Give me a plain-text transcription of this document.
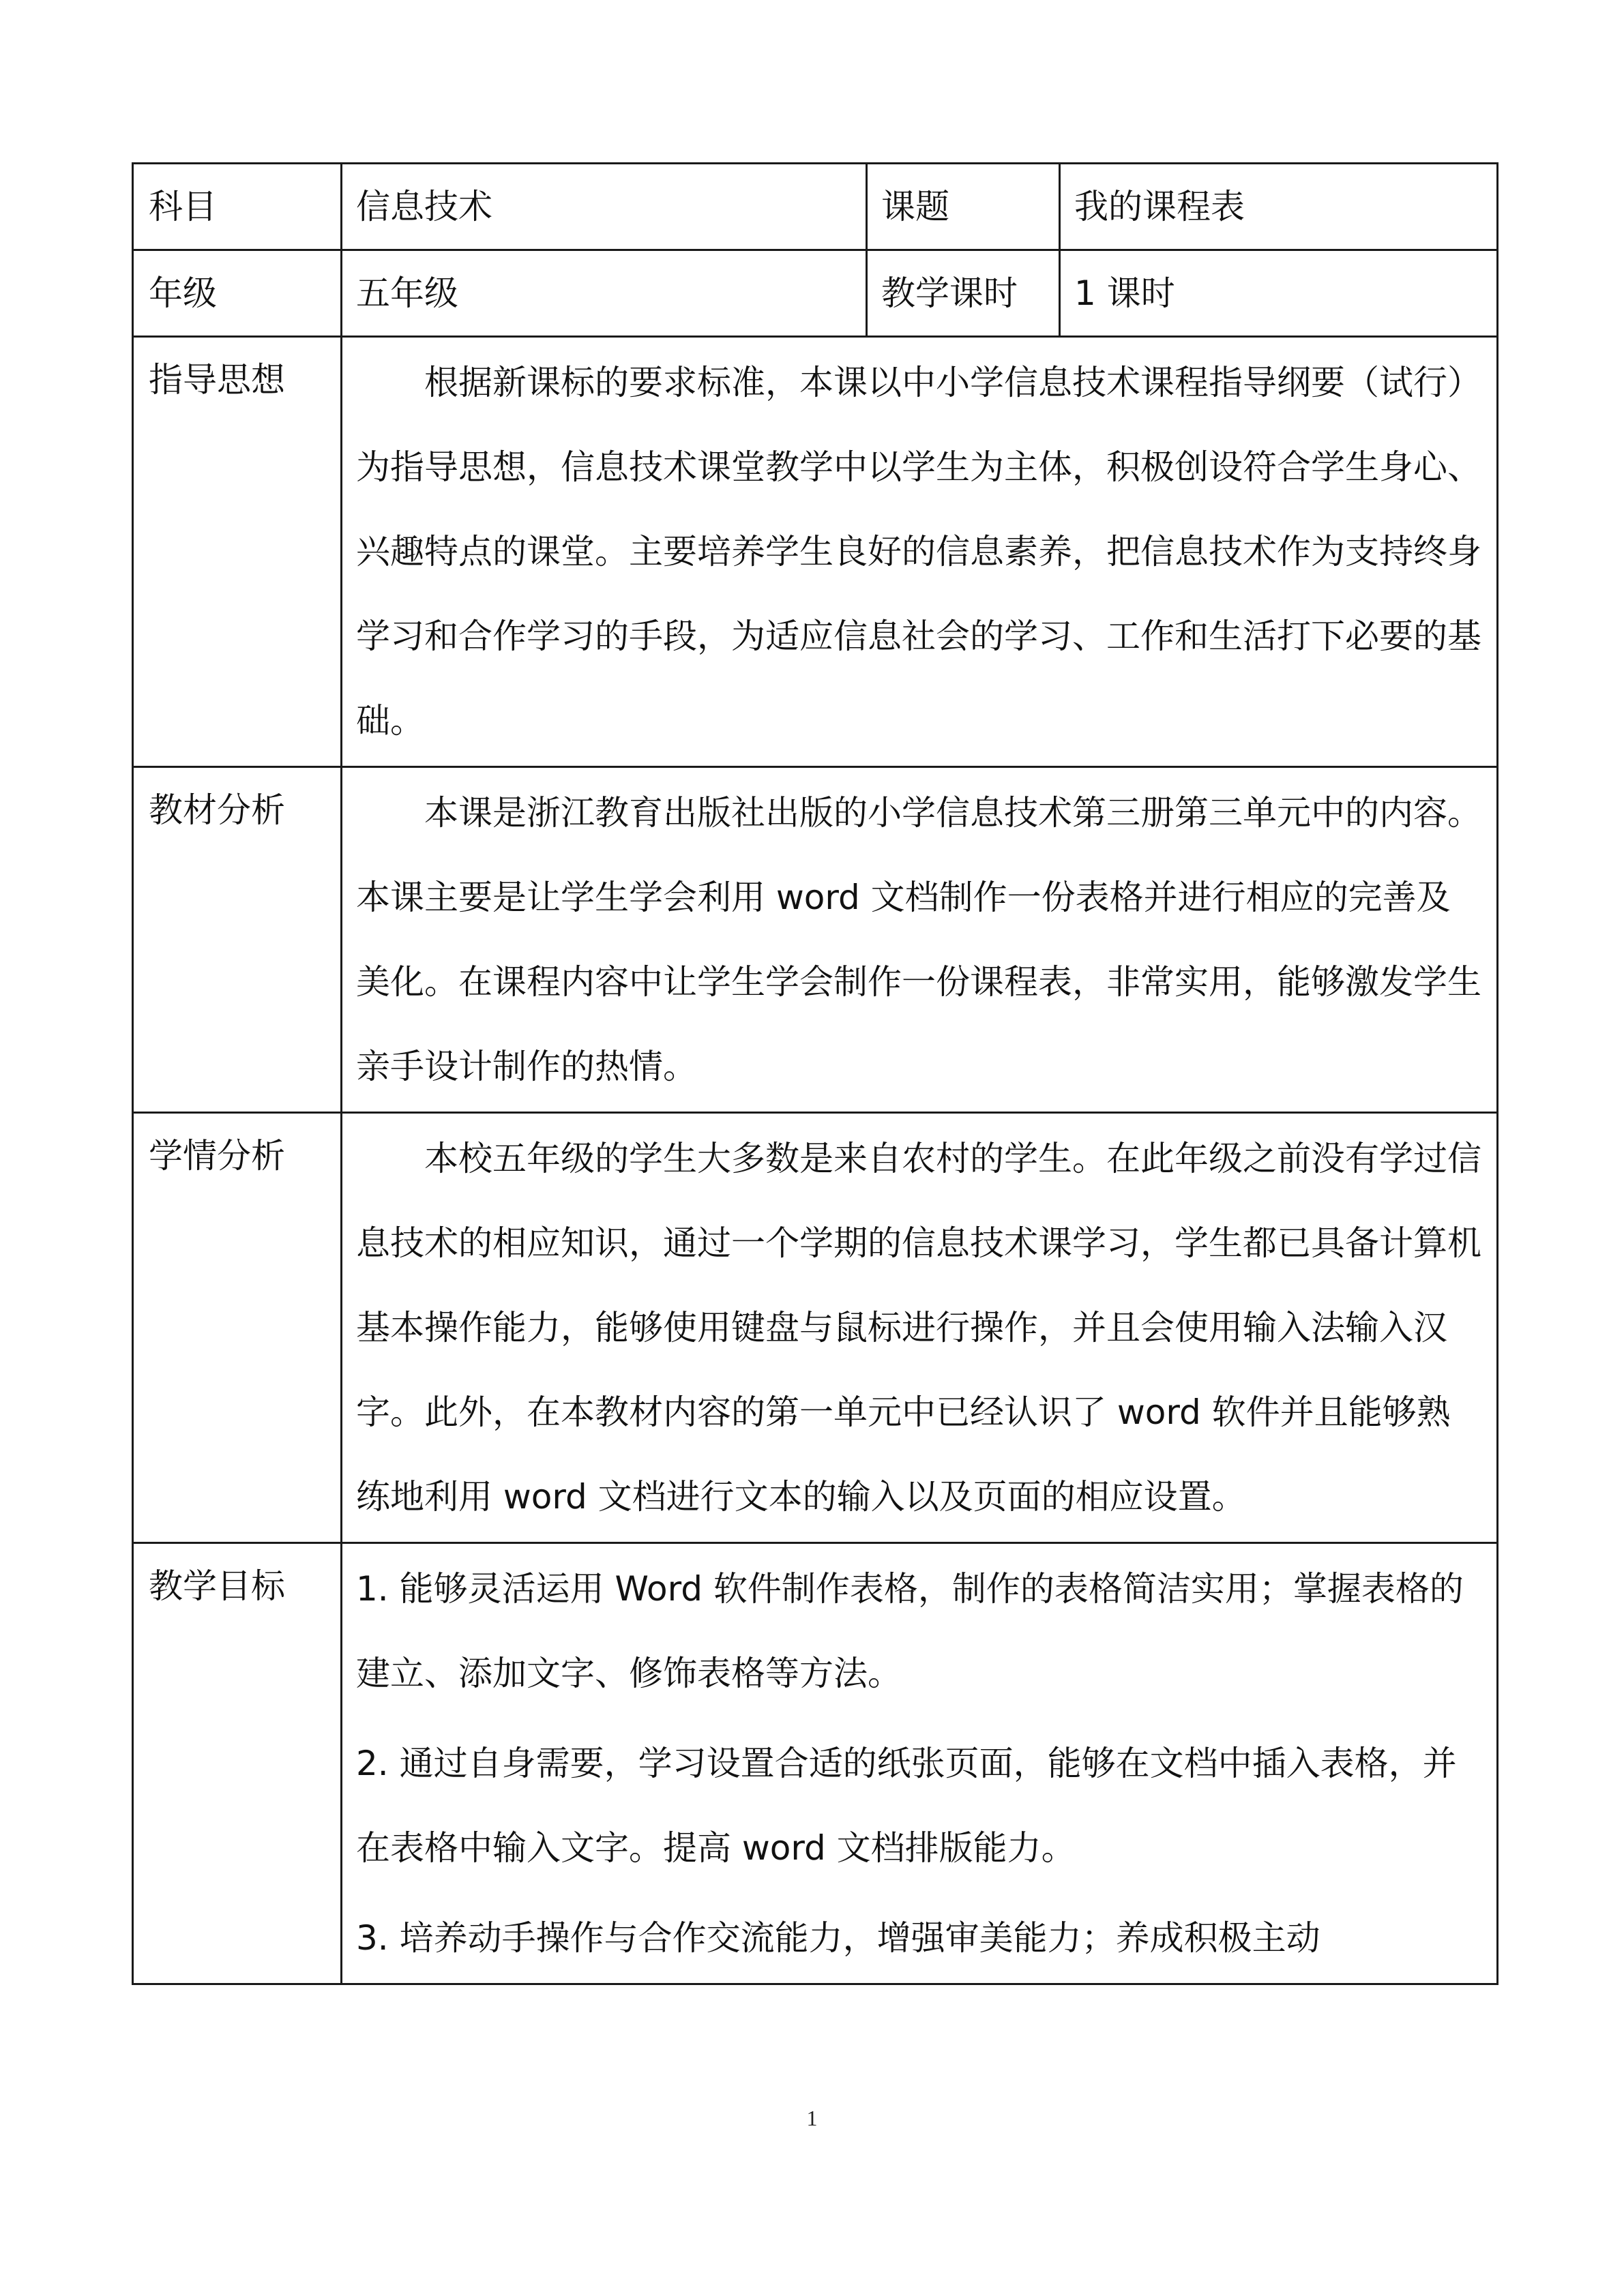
科目	信息技术	课题	我的课程表
年级	五年级	教学课时	1 课时
指导思想	根据新课标的要求标准，本课以中小学信息技术课程指导纲要（试行）为指导思想，信息技术课堂教学中以学生为主体，积极创设符合学生身心、兴趣特点的课堂。主要培养学生良好的信息素养，把信息技术作为支持终身学习和合作学习的手段，为适应信息社会的学习、工作和生活打下必要的基础。		

教材分析	本课是浙江教育出版社出版的小学信息技术第三册第三单元中的内容。本课主要是让学生学会利用 word 文档制作一份表格并进行相应的完善及美化。在课程内容中让学生学会制作一份课程表，非常实用，能够激发学生亲手设计制作的热情。		

学情分析	本校五年级的学生大多数是来自农村的学生。在此年级之前没有学过信息技术的相应知识，通过一个学期的信息技术课学习，学生都已具备计算机基本操作能力，能够使用键盘与鼠标进行操作，并且会使用输入法输入汉字。此外，在本教材内容的第一单元中已经认识了 word 软件并且能够熟练地利用 word 文档进行文本的输入以及页面的相应设置。		

教学目标	1. 能够灵活运用 Word 软件制作表格，制作的表格简洁实用；掌握表格的建立、添加文字、修饰表格等方法。

2. 通过自身需要，学习设置合适的纸张页面，能够在文档中插入表格，并在表格中输入文字。提高 word 文档排版能力。

3. 培养动手操作与合作交流能力，增强审美能力；养成积极主动		

1
